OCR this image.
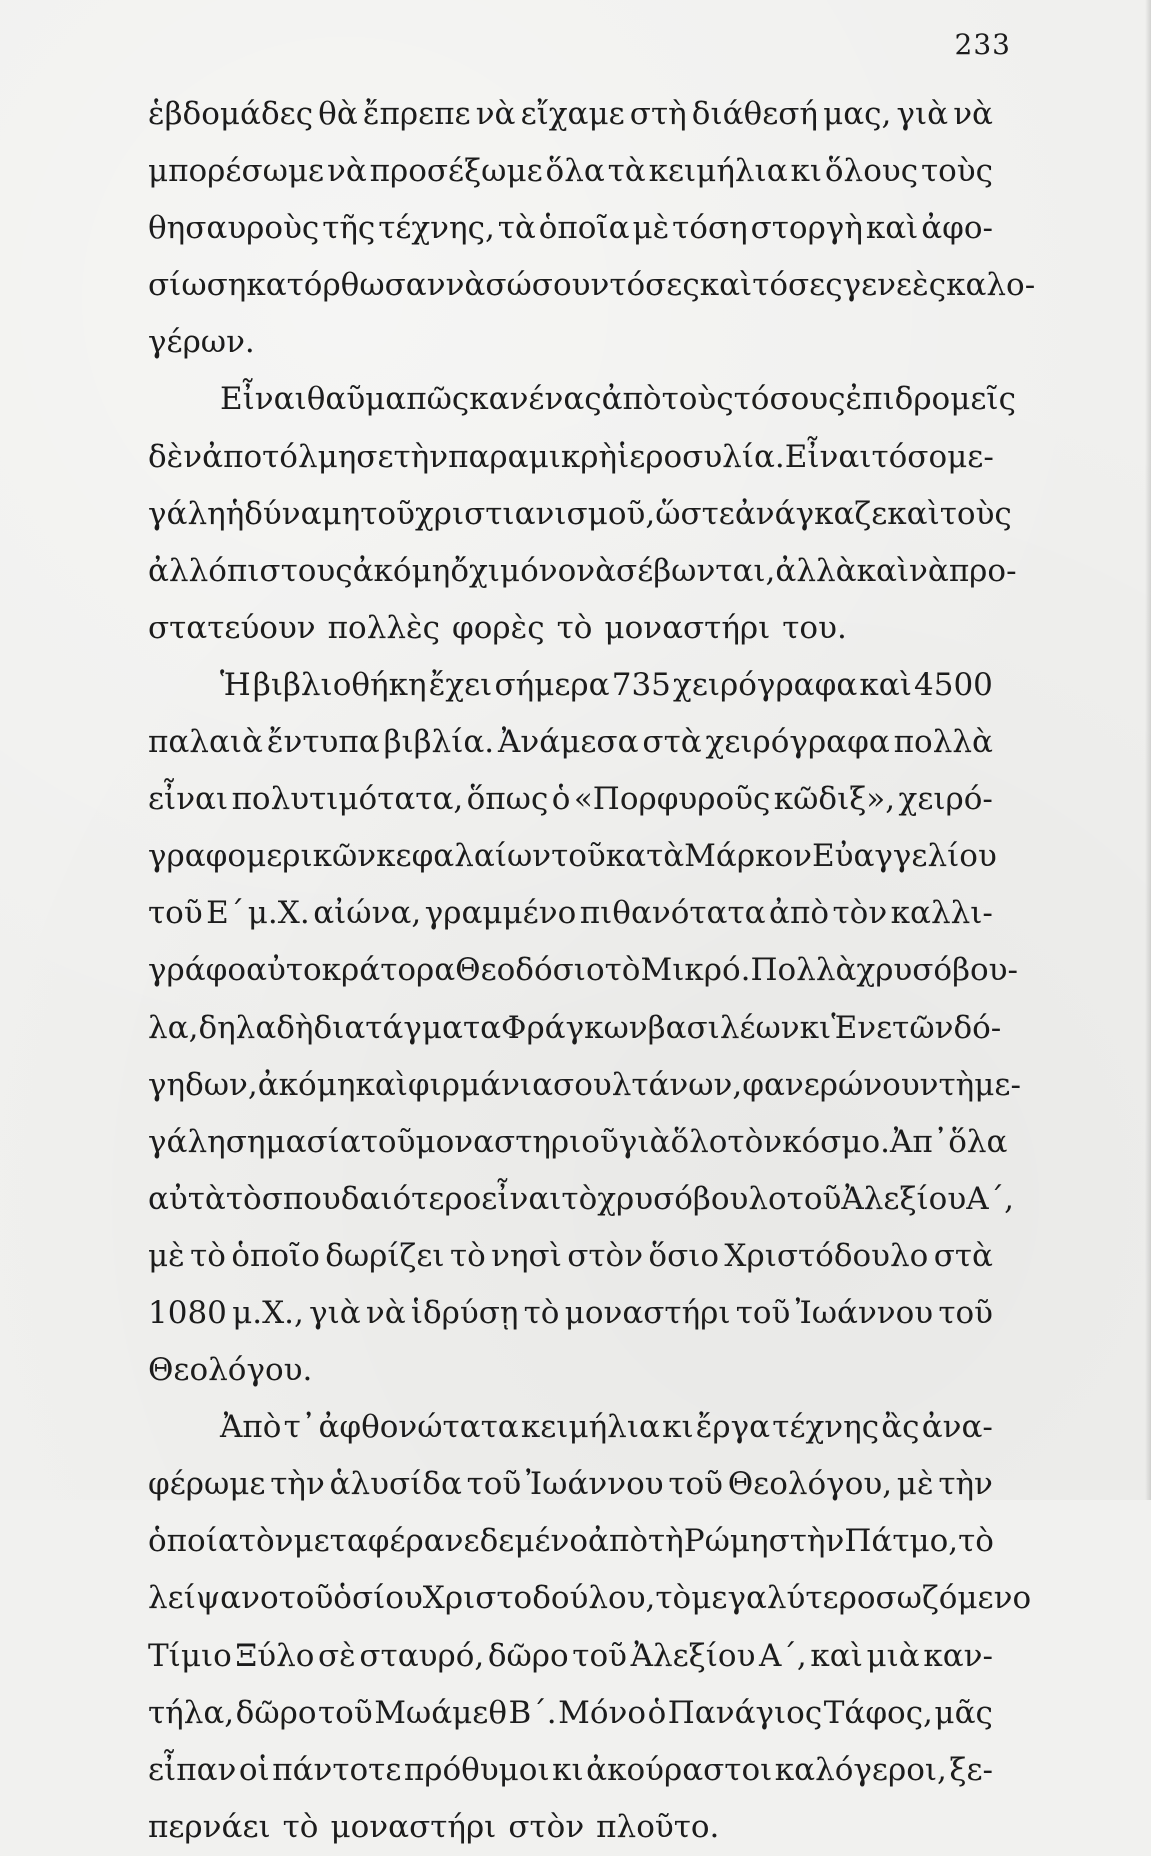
233
ἑβδομάδες θὰ ἔπρεπε νὰ εἴχαμε στὴ διάθεσή μας, γιὰ νὰ
μπορέσωμε νὰ προσέξωμε ὅλα τὰ κειμήλια κι ὅλους τοὺς
θησαυροὺς τῆς τέχνης, τὰ ὁποῖα μὲ τόση στοργὴ καὶ ἀφο-
σίωση κατόρθωσαν νὰ σώσουν τόσες καὶ τόσες γενεὲς καλο-
γέρων.
Εἶναι θαῦμα πῶς κανένας ἀπὸ τοὺς τόσους ἐπιδρομεῖς
δὲν ἀποτόλμησε τὴν παραμικρὴ ἱεροσυλία. Εἶναι τόσο με-
γάλη ἡ δύναμη τοῦ χριστιανισμοῦ, ὥστε ἀνάγκαζε καὶ τοὺς
ἀλλόπιστους ἀκόμη ὄχι μόνο νὰ σέβωνται, ἀλλὰ καὶ νὰ προ-
στατεύουν πολλὲς φορὲς τὸ μοναστήρι του.
Ἡ βιβλιοθήκη ἔχει σήμερα 735 χειρόγραφα καὶ 4500
παλαιὰ ἔντυπα βιβλία. Ἀνάμεσα στὰ χειρόγραφα πολλὰ
εἶναι πολυτιμότατα, ὅπως ὁ «Πορφυροῦς κῶδιξ», χειρό-
γραφο μερικῶν κεφαλαίων τοῦ κατὰ Μάρκον Εὐαγγελίου
τοῦ Ε΄ μ.Χ. αἰώνα, γραμμένο πιθανότατα ἀπὸ τὸν καλλι-
γράφο αὐτοκράτορα Θεοδόσιο τὸ Μικρό. Πολλὰ χρυσόβου-
λα, δηλαδὴ διατάγματα Φράγκων βασιλέων κι Ἑνετῶν δό-
γηδων, ἀκόμη καὶ φιρμάνια σουλτάνων, φανερώνουν τὴ με-
γάλη σημασία τοῦ μοναστηριοῦ γιὰ ὅλο τὸν κόσμο. Ἀπ᾽ ὅλα
αὐτὰ τὸ σπουδαιότερο εἶναι τὸ χρυσόβουλο τοῦ Ἀλεξίου Α΄,
μὲ τὸ ὁποῖο δωρίζει τὸ νησὶ στὸν ὅσιο Χριστόδουλο στὰ
1080 μ.Χ., γιὰ νὰ ἱδρύσῃ τὸ μοναστήρι τοῦ Ἰωάννου τοῦ
Θεολόγου.
Ἀπὸ τ᾽ ἀφθονώτατα κειμήλια κι ἔργα τέχνης ἂς ἀνα-
φέρωμε τὴν ἁλυσίδα τοῦ Ἰωάννου τοῦ Θεολόγου, μὲ τὴν
ὁποία τὸν μεταφέρανε δεμένο ἀπὸ τὴ Ρώμη στὴν Πάτμο, τὸ
λείψανο τοῦ ὁσίου Χριστοδούλου, τὸ μεγαλύτερο σωζόμενο
Τίμιο Ξύλο σὲ σταυρό, δῶρο τοῦ Ἀλεξίου Α΄, καὶ μιὰ καν-
τήλα, δῶρο τοῦ Μωάμεθ Β΄. Μόνο ὁ Πανάγιος Τάφος, μᾶς
εἶπαν οἱ πάντοτε πρόθυμοι κι ἀκούραστοι καλόγεροι, ξε-
περνάει τὸ μοναστήρι στὸν πλοῦτο.
